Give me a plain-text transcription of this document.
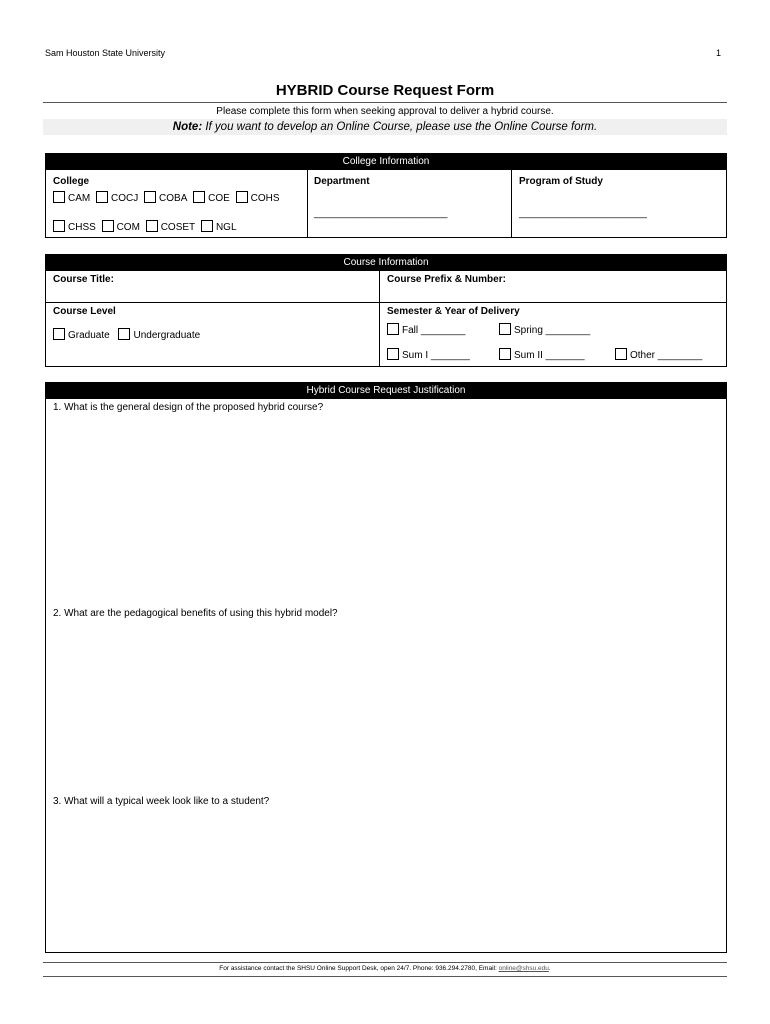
Sam Houston State University	1
HYBRID Course Request Form
Please complete this form when seeking approval to deliver a hybrid course.
Note: If you want to develop an Online Course, please use the Online Course form.
College Information
College
CAM COCJ COBA COE COHS
CHSS COM COSET NGL
Department
________________________
Program of Study
_______________________
Course Information
Course Title:	Course Prefix & Number:
Course Level
Graduate Undergraduate
Semester & Year of Delivery
Fall ________	Spring ________
Sum I _______	Sum II _______	Other ________
Hybrid Course Request Justification
1. What is the general design of the proposed hybrid course?
2. What are the pedagogical benefits of using this hybrid model?
3. What will a typical week look like to a student?
For assistance contact the SHSU Online Support Desk, open 24/7. Phone: 936.294.2780, Email: online@shsu.edu.
